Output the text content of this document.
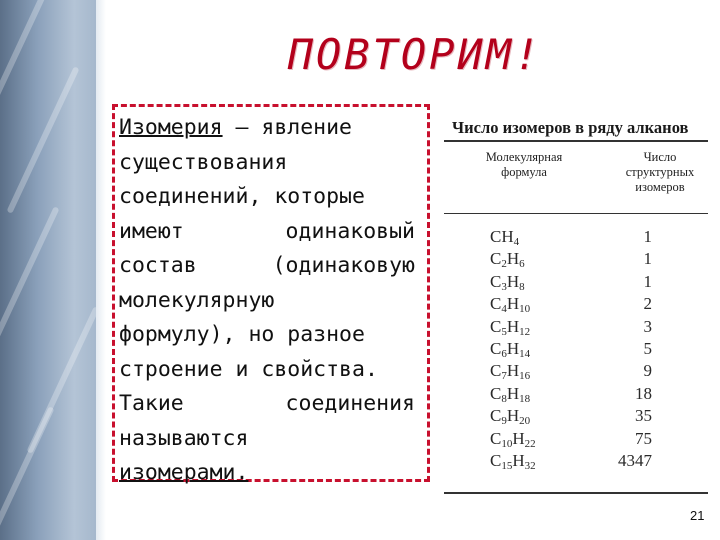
ПОВТОРИМ!

Изомерия – явление
существования
соединений, которые
имеют одинаковый
состав (одинаковую
молекулярную
формулу), но разное
строение и свойства.
Такие соединения
называются
изомерами.

Число изомеров в ряду алканов

Молекулярная формула
Число структурных изомеров
$CH_4$	1
$C_2H_6$	1
$C_3H_8$	1
$C_4H_{10}$	2
$C_5H_{12}$	3
$C_6H_{14}$	5
$C_7H_{16}$	9
$C_8H_{18}$	18
$C_9H_{20}$	35
$C_{10}H_{22}$	75
$C_{15}H_{32}$	4347
21
